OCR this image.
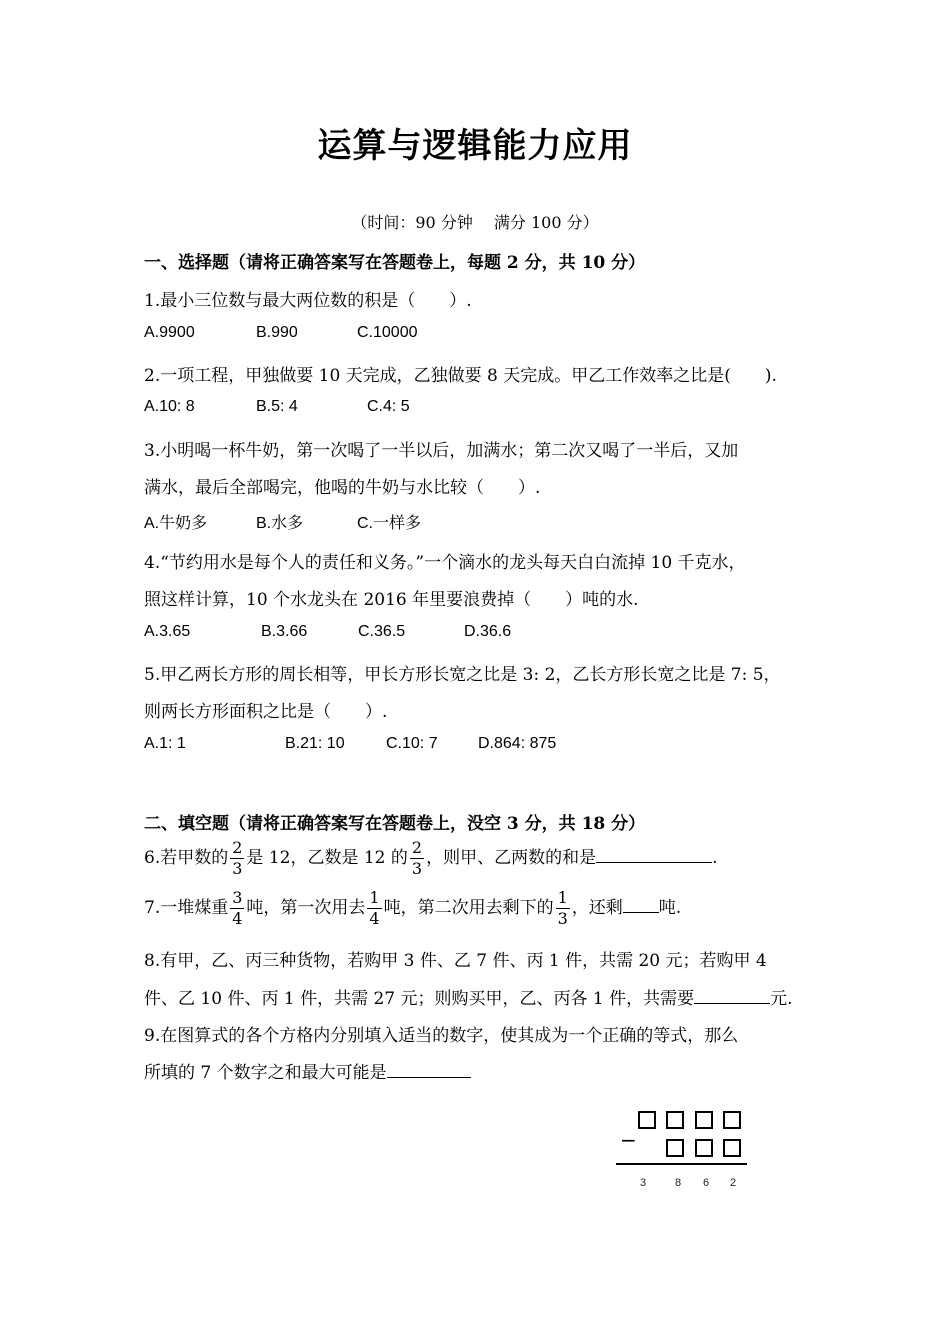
运算与逻辑能力应用
（时间：90 分钟　 满分 100 分）
一、选择题（请将正确答案写在答题卷上，每题 2 分，共 10 分）
1.最小三位数与最大两位数的积是（　　）.
A.9900	B.990	C.10000
2.一项工程，甲独做要 10 天完成，乙独做要 8 天完成。甲乙工作效率之比是(　　).
A.10: 8	B.5: 4	C.4: 5
3.小明喝一杯牛奶，第一次喝了一半以后，加满水；第二次又喝了一半后，又加
满水，最后全部喝完，他喝的牛奶与水比较（　　）.
A.牛奶多	B.水多	C.一样多
4.“节约用水是每个人的责任和义务。”一个滴水的龙头每天白白流掉 10 千克水，
照这样计算，10 个水龙头在 2016 年里要浪费掉（　　）吨的水.
A.3.65	B.3.66	C.36.5	D.36.6
5.甲乙两长方形的周长相等，甲长方形长宽之比是 3: 2，乙长方形长宽之比是 7: 5，
则两长方形面积之比是（　　）.
A.1: 1	B.21: 10	C.10: 7	D.864: 875
二、填空题（请将正确答案写在答题卷上，没空 3 分，共 18 分）
6.若甲数的 $\frac{2}{3}$ 是 12，乙数是 12 的 $\frac{2}{3}$ ，则甲、乙两数的和是	.
7.一堆煤重 $\frac{3}{4}$ 吨，第一次用去 $\frac{1}{4}$ 吨，第二次用去剩下的 $\frac{1}{3}$ ，还剩 吨.
8.有甲，乙、丙三种货物，若购甲 3 件、乙 7 件、丙 1 件，共需 20 元；若购甲 4
件、乙 10 件、丙 1 件，共需 27 元；则购买甲，乙、丙各 1 件，共需要	元.
9.在图算式的各个方格内分别填入适当的数字，使其成为一个正确的等式，那么
所填的 7 个数字之和最大可能是
−
3	8 6 2
